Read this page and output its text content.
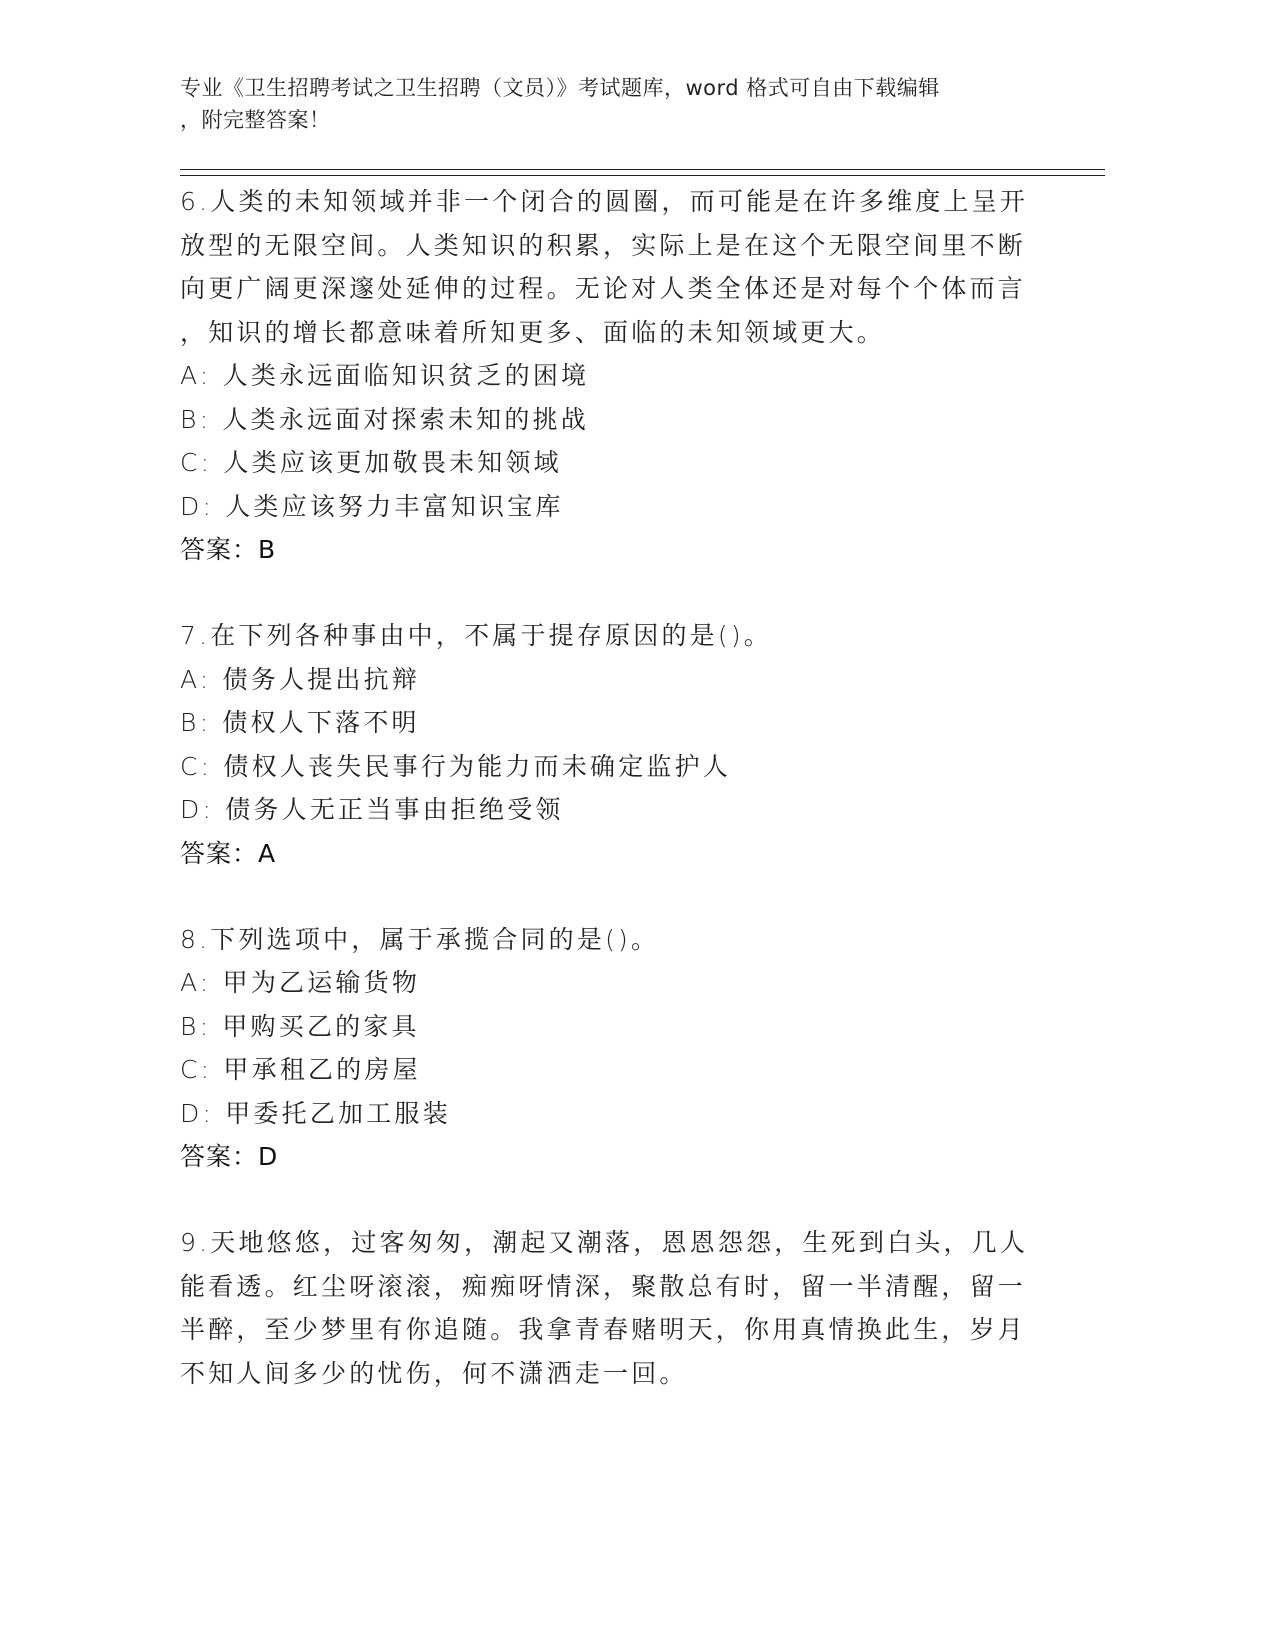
专业《卫生招聘考试之卫生招聘（文员）》考试题库，word 格式可自由下载编辑
，附完整答案！
6.人类的未知领域并非一个闭合的圆圈，而可能是在许多维度上呈开
放型的无限空间。人类知识的积累，实际上是在这个无限空间里不断
向更广阔更深邃处延伸的过程。无论对人类全体还是对每个个体而言
，知识的增长都意味着所知更多、面临的未知领域更大。
A: 人类永远面临知识贫乏的困境
B: 人类永远面对探索未知的挑战
C: 人类应该更加敬畏未知领域
D: 人类应该努力丰富知识宝库
答案：B
7.在下列各种事由中，不属于提存原因的是()。
A: 债务人提出抗辩
B: 债权人下落不明
C: 债权人丧失民事行为能力而未确定监护人
D: 债务人无正当事由拒绝受领
答案：A
8.下列选项中，属于承揽合同的是()。
A: 甲为乙运输货物
B: 甲购买乙的家具
C: 甲承租乙的房屋
D: 甲委托乙加工服装
答案：D
9.天地悠悠，过客匆匆，潮起又潮落，恩恩怨怨，生死到白头，几人
能看透。红尘呀滚滚，痴痴呀情深，聚散总有时，留一半清醒，留一
半醉，至少梦里有你追随。我拿青春赌明天，你用真情换此生，岁月
不知人间多少的忧伤，何不潇洒走一回。
